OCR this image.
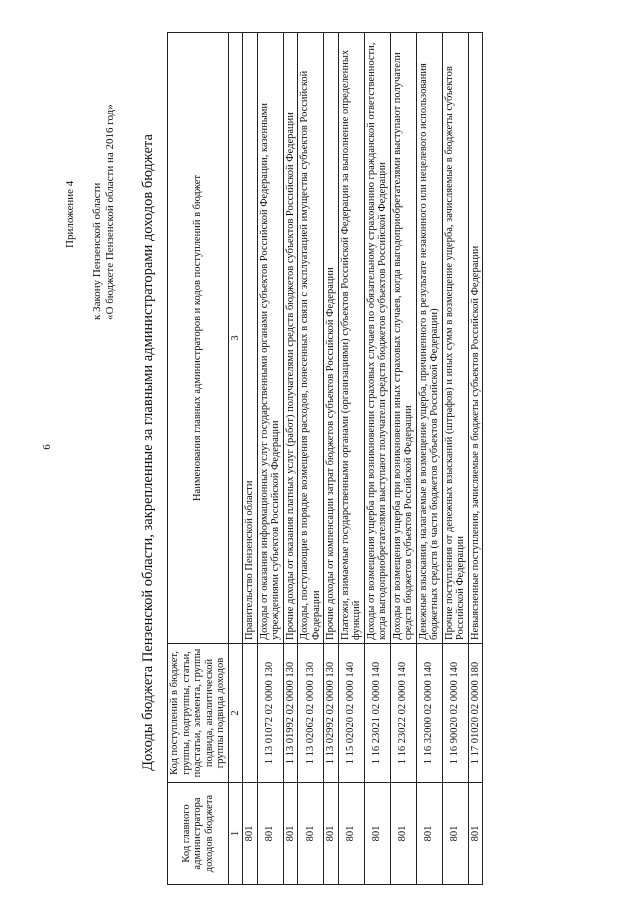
6
Приложение 4 к Закону Пензенской области «О бюджете Пензенской области на 2016 год» Доходы бюджета Пензенской области, закрепленные за главными администраторами доходов бюджета
Код главного администратора доходов бюджета	Код поступлений в бюджет, группы, подгруппы, статьи, подстатьи, элемента, группы подвида, аналитической группы подвида доходов	Наименования главных администраторов и кодов поступлений в бюджет
1	2	3
801		Правительство Пензенской области
801	1 13 01072 02 0000 130	Доходы от оказания информационных услуг государственными органами субъектов Российской Федерации, казенными учреждениями субъектов Российской Федерации
801	1 13 01992 02 0000 130	Прочие доходы от оказания платных услуг (работ) получателями средств бюджетов субъектов Российской Федерации
801	1 13 02062 02 0000 130	Доходы, поступающие в порядке возмещения расходов, понесенных в связи с эксплуатацией имущества субъектов Российской Федерации
801	1 13 02992 02 0000 130	Прочие доходы от компенсации затрат бюджетов субъектов Российской Федерации
801	1 15 02020 02 0000 140	Платежи, взимаемые государственными органами (организациями) субъектов Российской Федерации за выполнение определенных функций
801	1 16 23021 02 0000 140	Доходы от возмещения ущерба при возникновении страховых случаев по обязательному страхованию гражданской ответственности, когда выгодоприобретателями выступают получатели средств бюджетов субъектов Российской Федерации
801	1 16 23022 02 0000 140	Доходы от возмещения ущерба при возникновении иных страховых случаев, когда выгодоприобретателями выступают получатели средств бюджетов субъектов Российской Федерации
801	1 16 32000 02 0000 140	Денежные взыскания, налагаемые в возмещение ущерба, причиненного в результате незаконного или нецелевого использования бюджетных средств (в части бюджетов субъектов Российской Федерации)
801	1 16 90020 02 0000 140	Прочие поступления от денежных взысканий (штрафов) и иных сумм в возмещение ущерба, зачисляемые в бюджеты субъектов Российской Федерации
801	1 17 01020 02 0000 180	Невыясненные поступления, зачисляемые в бюджеты субъектов Российской Федерации
